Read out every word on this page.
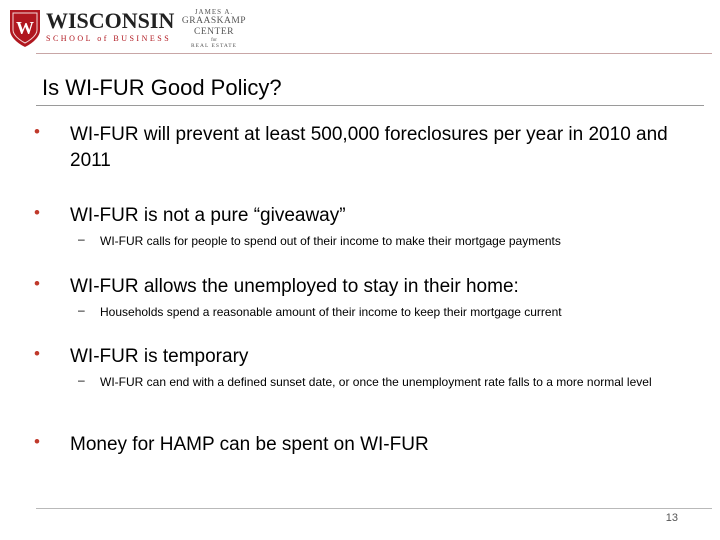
W WISCONSIN
SCHOOL of BUSINESS
JAMES A.
GRAASKAMP CENTER
for
REAL ESTATE
Is WI-FUR Good Policy?
• WI-FUR will prevent at least 500,000 foreclosures per year in 2010 and 2011
• WI-FUR is not a pure “giveaway”
– WI-FUR calls for people to spend out of their income to make their mortgage payments
• WI-FUR allows the unemployed to stay in their home:
– Households spend a reasonable amount of their income to keep their mortgage current
• WI-FUR is temporary
– WI-FUR can end with a defined sunset date, or once the unemployment rate falls to a more normal level
• Money for HAMP can be spent on WI-FUR
13
